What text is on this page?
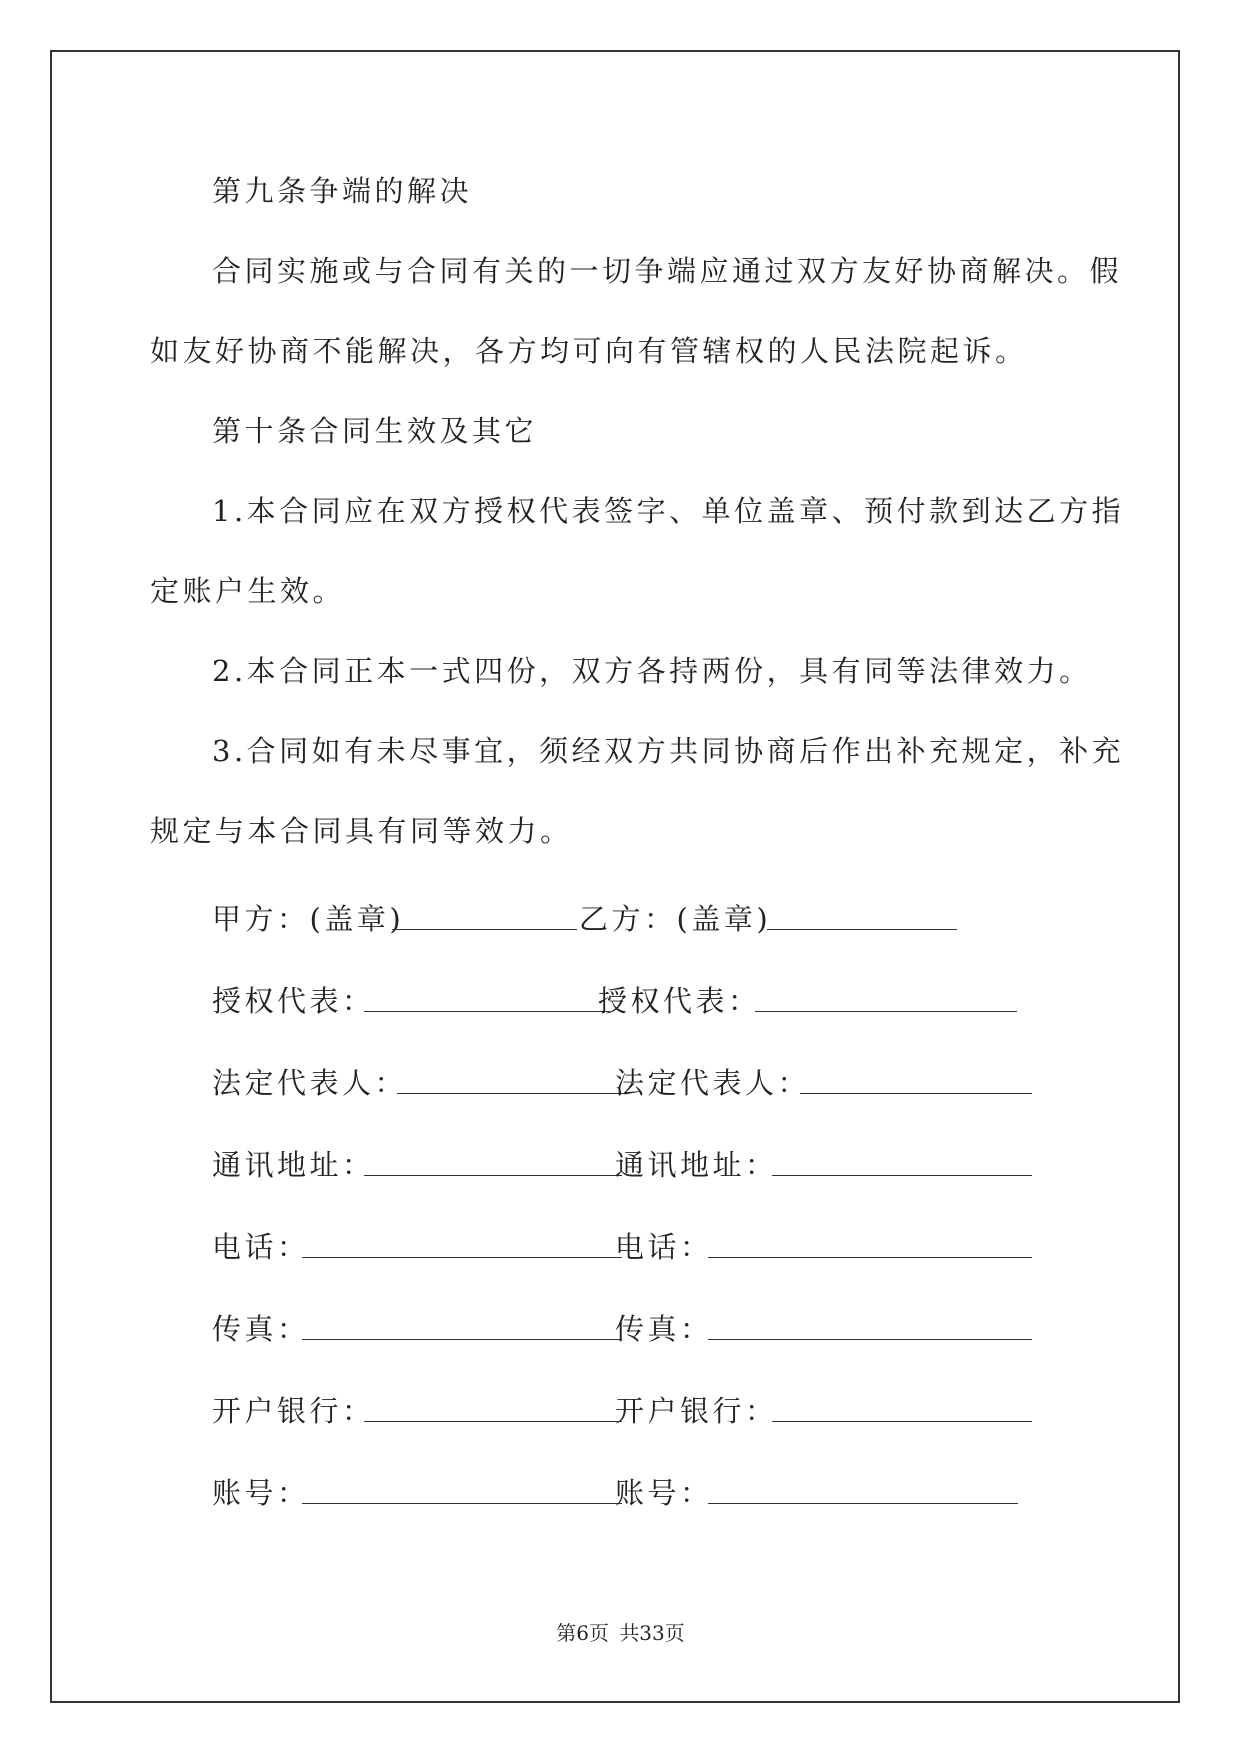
第九条争端的解决
合同实施或与合同有关的一切争端应通过双方友好协商解决。假
如友好协商不能解决，各方均可向有管辖权的人民法院起诉。
第十条合同生效及其它
1.本合同应在双方授权代表签字、单位盖章、预付款到达乙方指
定账户生效。
2.本合同正本一式四份，双方各持两份，具有同等法律效力。
3.合同如有未尽事宜，须经双方共同协商后作出补充规定，补充
规定与本合同具有同等效力。
甲方：(盖章)	乙方：(盖章)
授权代表：	授权代表：
法定代表人：	法定代表人：
通讯地址：	通讯地址：
电话：	电话：
传真：	传真：
开户银行：	开户银行：
账号：	账号：
第6页 共33页
